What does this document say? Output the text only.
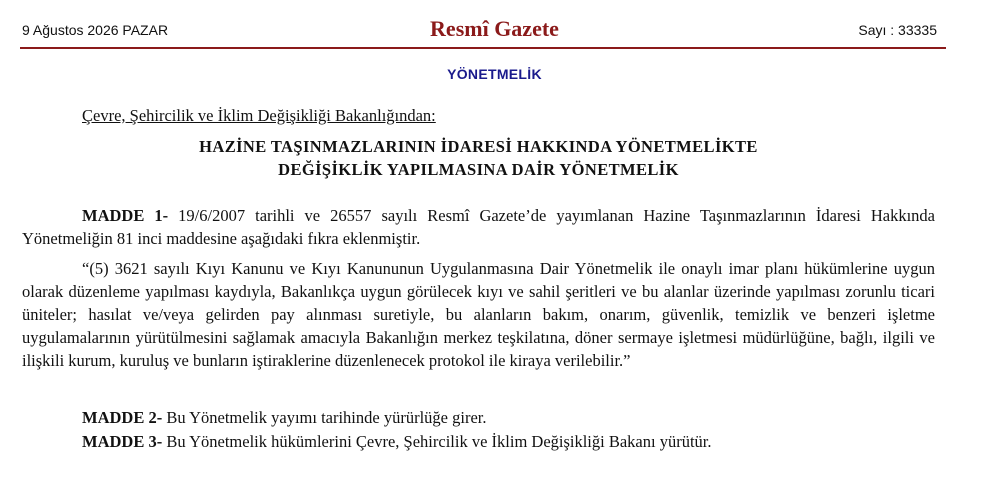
9 Ağustos 2026 PAZAR	Resmî Gazete	Sayı : 33335
YÖNETMELİK
Çevre, Şehircilik ve İklim Değişikliği Bakanlığından:
HAZİNE TAŞINMAZLARININ İDARESİ HAKKINDA YÖNETMELİKTE
DEĞİŞİKLİK YAPILMASINA DAİR YÖNETMELİK

MADDE 1- 19/6/2007 tarihli ve 26557 sayılı Resmî Gazete’de yayımlanan Hazine Taşınmazlarının İdaresi Hakkında Yönetmeliğin 81 inci maddesine aşağıdaki fıkra eklenmiştir.

“(5) 3621 sayılı Kıyı Kanunu ve Kıyı Kanununun Uygulanmasına Dair Yönetmelik ile onaylı imar planı hükümlerine uygun olarak düzenleme yapılması kaydıyla, Bakanlıkça uygun görülecek kıyı ve sahil şeritleri ve bu alanlar üzerinde yapılması zorunlu ticari üniteler; hasılat ve/veya gelirden pay alınması suretiyle, bu alanların bakım, onarım, güvenlik, temizlik ve benzeri işletme uygulamalarının yürütülmesini sağlamak amacıyla Bakanlığın merkez teşkilatına, döner sermaye işletmesi müdürlüğüne, bağlı, ilgili ve ilişkili kurum, kuruluş ve bunların iştiraklerine düzenlenecek protokol ile kiraya verilebilir.”
MADDE 2- Bu Yönetmelik yayımı tarihinde yürürlüğe girer.
MADDE 3- Bu Yönetmelik hükümlerini Çevre, Şehircilik ve İklim Değişikliği Bakanı yürütür.
